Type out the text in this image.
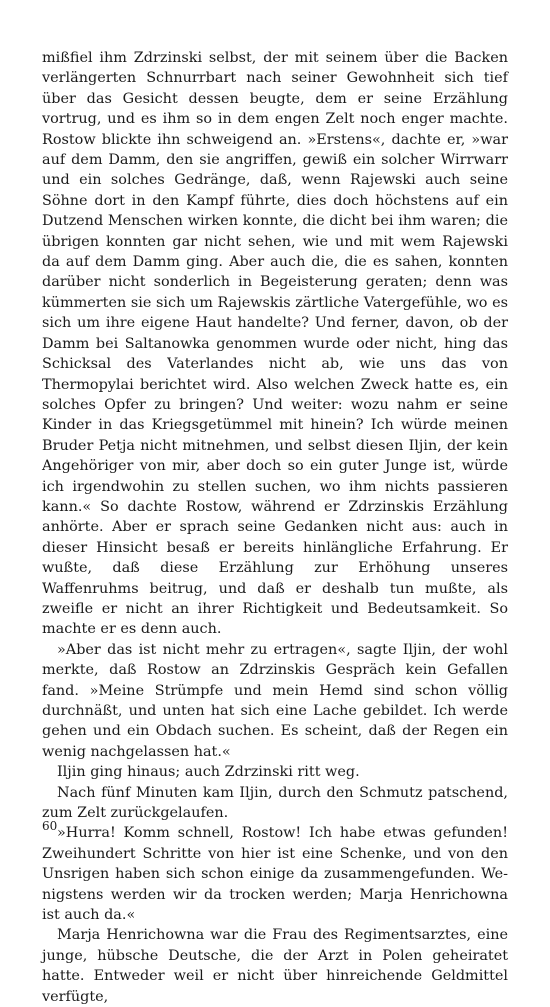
mißfiel ihm Zdrzinski selbst, der mit seinem über die Backen verlängerten Schnurrbart nach seiner Gewohnheit sich tief über das Gesicht dessen beugte, dem er seine Erzählung vortrug, und es ihm so in dem engen Zelt noch enger machte. Rostow blickte ihn schweigend an. »Erstens«, dachte er, »war auf dem Damm, den sie angriffen, gewiß ein solcher Wirrwarr und ein solches Gedränge, daß, wenn Rajewski auch seine Söhne dort in den Kampf führte, dies doch höchstens auf ein Dutzend Menschen wirken konnte, die dicht bei ihm waren; die übrigen konnten gar nicht sehen, wie und mit wem Rajewski da auf dem Damm ging. Aber auch die, die es sahen, konnten darüber nicht sonderlich in Begeisterung geraten; denn was kümmerten sie sich um Rajewskis zärtliche Vatergefühle, wo es sich um ihre eigene Haut handelte? Und ferner, davon, ob der Damm bei Saltanowka genommen wurde oder nicht, hing das Schicksal des Vaterlandes nicht ab, wie uns das von Thermopylai berichtet wird. Also welchen Zweck hatte es, ein solches Opfer zu bringen? Und weiter: wozu nahm er seine Kinder in das Kriegsgetümmel mit hinein? Ich würde meinen Bruder Petja nicht mitnehmen, und selbst diesen Iljin, der kein Angehöriger von mir, aber doch so ein guter Junge ist, würde ich irgendwohin zu stellen suchen, wo ihm nichts passieren kann.« So dachte Rostow, während er Zdrzinskis Erzählung anhörte. Aber er sprach seine Gedanken nicht aus: auch in dieser Hinsicht besaß er bereits hinlängliche Erfahrung. Er wußte, daß diese Erzählung zur Erhöhung unseres Waffenruhms beitrug, und daß er deshalb tun mußte, als zweifle er nicht an ihrer Richtigkeit und Bedeutsamkeit. So machte er es denn auch.

»Aber das ist nicht mehr zu ertragen«, sagte Iljin, der wohl merkte, daß Rostow an Zdrzinskis Gespräch kein Gefallen fand. »Meine Strümpfe und mein Hemd sind schon völlig durchnäßt, und unten hat sich eine Lache gebildet. Ich werde gehen und ein Obdach suchen. Es scheint, daß der Regen ein wenig nachgelassen hat.«

Iljin ging hinaus; auch Zdrzinski ritt weg.

Nach fünf Minuten kam Iljin, durch den Schmutz patschend, zum Zelt zurückgelaufen.

»Hurra! Komm schnell, Rostow! Ich habe etwas gefunden! Zweihundert Schritte von hier ist eine Schenke, und von den Unsrigen haben sich schon einige da zusammengefunden. Wenigstens werden wir da trocken werden; Marja Henrichowna ist auch da.«

Marja Henrichowna war die Frau des Regimentsarztes, eine junge, hübsche Deutsche, die der Arzt in Polen geheiratet hatte. Entweder weil er nicht über hinreichende Geldmittel verfügte,

60
